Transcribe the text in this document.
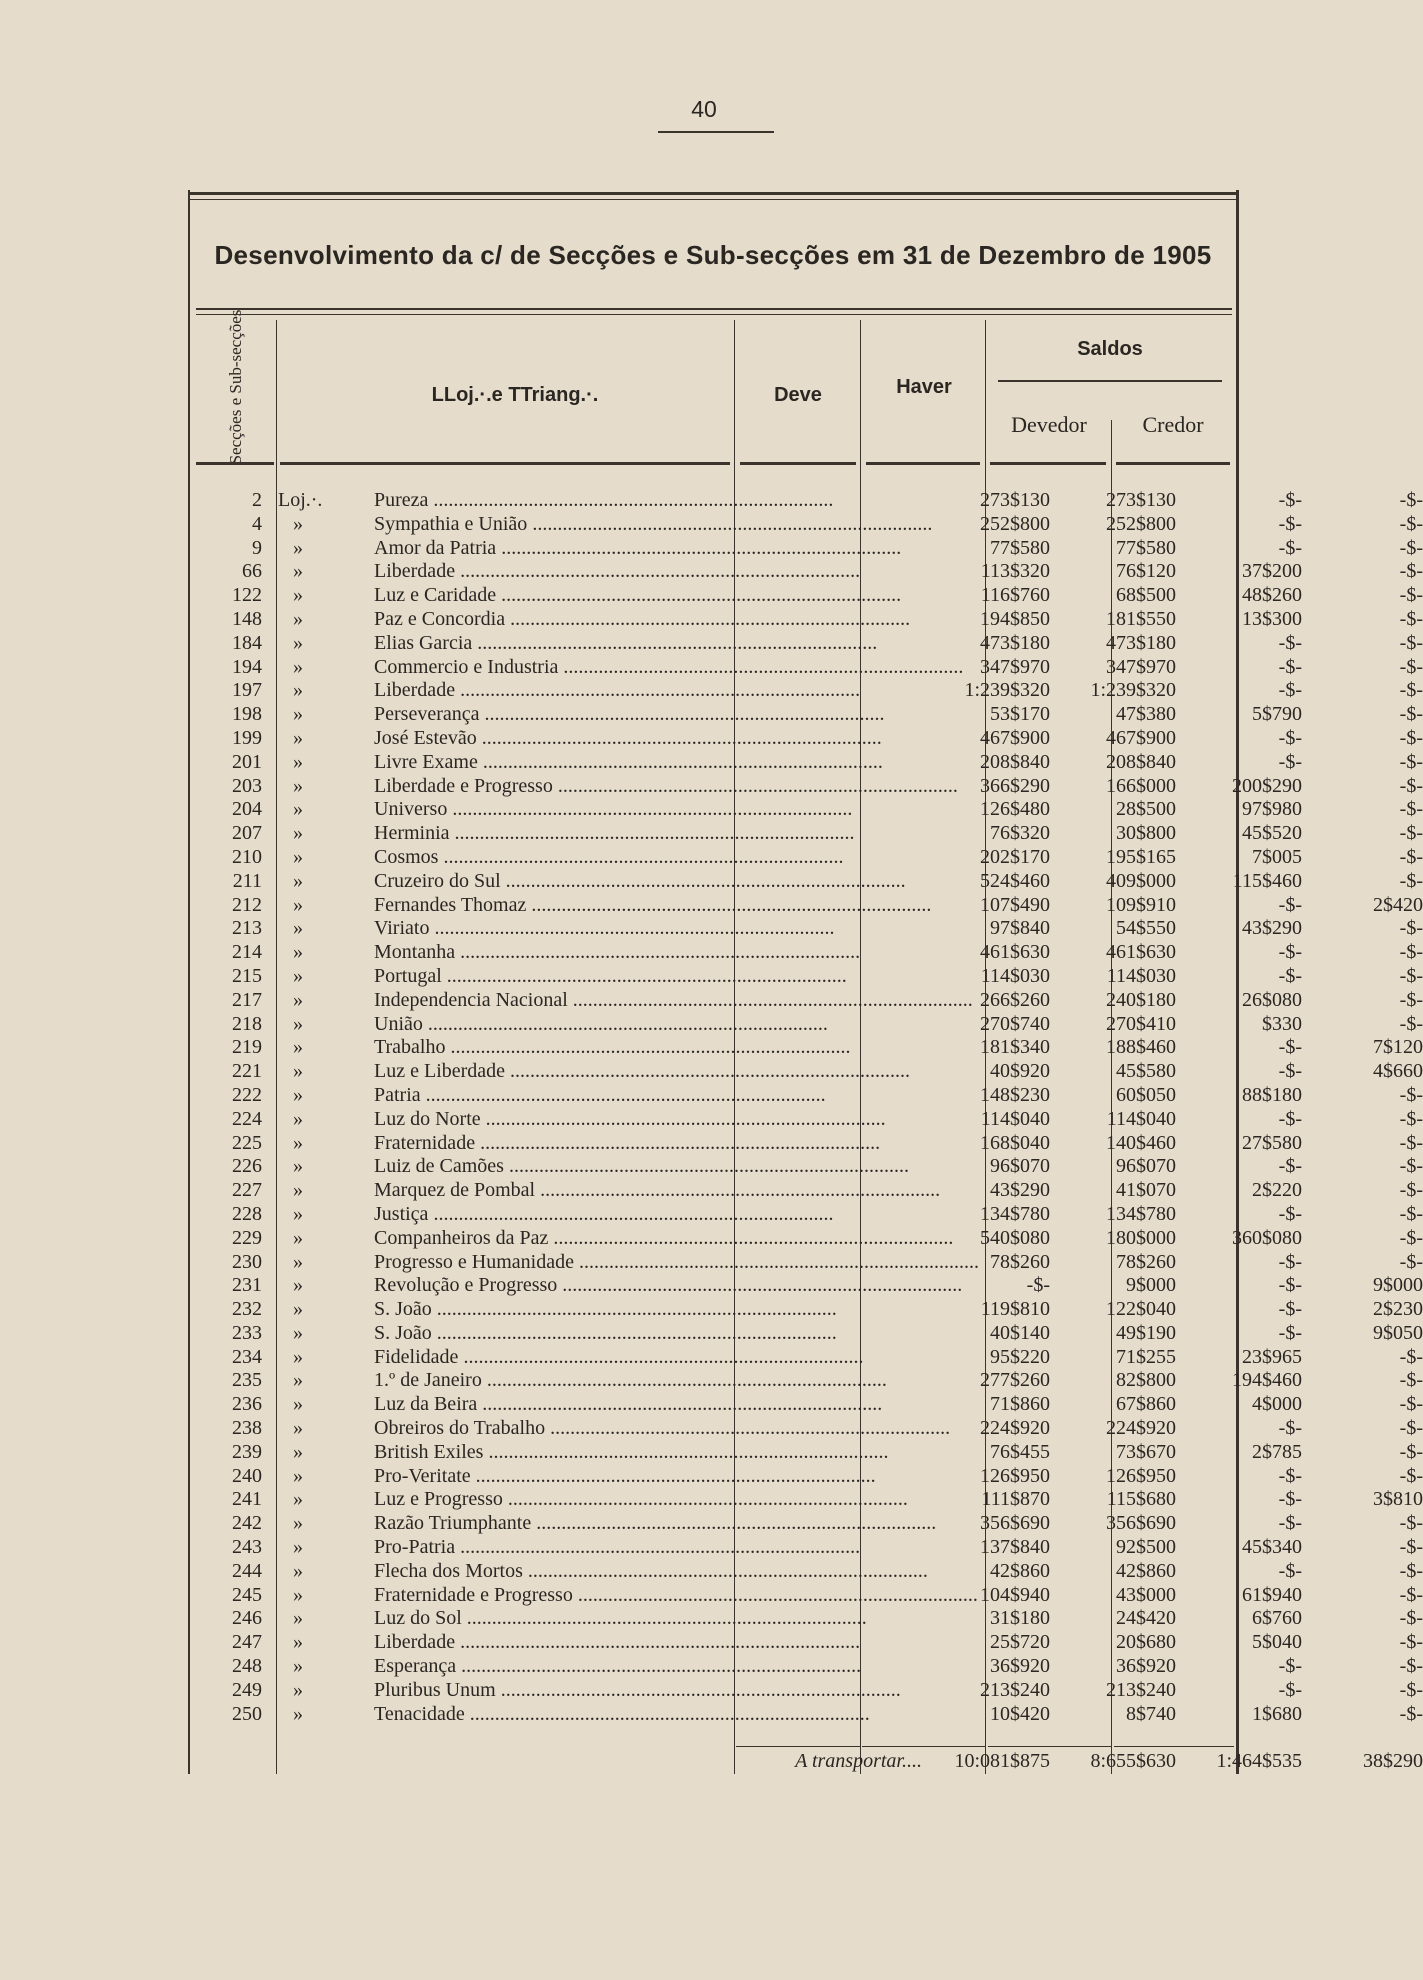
40
Desenvolvimento da c/ de Secções e Sub-secções em 31 de Dezembro de 1905
Secções e Sub-secções	LLoj.·.e TTriang.·.	Deve	Haver
Saldos
Devedor	Credor
2 Loj.·.	Pureza ................................................................................	273$130	273$130	-$-	-$-
4	»	Sympathia e União ................................................................................	252$800	252$800	-$-	-$-
9	»	Amor da Patria ................................................................................	77$580	77$580	-$-	-$-
66	»	Liberdade ................................................................................	113$320	76$120	37$200	-$-
122	»	Luz e Caridade ................................................................................	116$760	68$500	48$260	-$-
148	»	Paz e Concordia ................................................................................	194$850	181$550	13$300	-$-
184	»	Elias Garcia ................................................................................	473$180	473$180	-$-	-$-
194	»	Commercio e Industria ................................................................................ 347$970	347$970	-$-	-$-
197	»	Liberdade ................................................................................	1:239$320	1:239$320	-$-	-$-
198	»	Perseverança ................................................................................	53$170	47$380	5$790	-$-
199	»	José Estevão ................................................................................	467$900	467$900	-$-	-$-
201	»	Livre Exame ................................................................................	208$840	208$840	-$-	-$-
203	»	Liberdade e Progresso ................................................................................	366$290	166$000	200$290	-$-
204	»	Universo ................................................................................	126$480	28$500	97$980	-$-
207	»	Herminia ................................................................................	76$320	30$800	45$520	-$-
210	»	Cosmos ................................................................................	202$170	195$165	7$005	-$-
211	»	Cruzeiro do Sul ................................................................................	524$460	409$000	115$460	-$-
212	»	Fernandes Thomaz ................................................................................	107$490	109$910	-$-	2$420
213	»	Viriato ................................................................................	97$840	54$550	43$290	-$-
214	»	Montanha ................................................................................	461$630	461$630	-$-	-$-
215	»	Portugal ................................................................................	114$030	114$030	-$-	-$-
217	»	Independencia Nacional ................................................................................ 266$260	240$180	26$080	-$-
218	»	União ................................................................................	270$740	270$410	$330	-$-
219	»	Trabalho ................................................................................	181$340	188$460	-$-	7$120
221	»	Luz e Liberdade ................................................................................	40$920	45$580	-$-	4$660
222	»	Patria ................................................................................	148$230	60$050	88$180	-$-
224	»	Luz do Norte ................................................................................	114$040	114$040	-$-	-$-
225	»	Fraternidade ................................................................................	168$040	140$460	27$580	-$-
226	»	Luiz de Camões ................................................................................	96$070	96$070	-$-	-$-
227	»	Marquez de Pombal ................................................................................	43$290	41$070	2$220	-$-
228	»	Justiça ................................................................................	134$780	134$780	-$-	-$-
229	»	Companheiros da Paz ................................................................................	540$080	180$000	360$080	-$-
230	»	Progresso e Humanidade ................................................................................ 78$260	78$260	-$-	-$-
231	»	Revolução e Progresso ................................................................................	-$-	9$000	-$-	9$000
232	»	S. João ................................................................................	119$810	122$040	-$-	2$230
233	»	S. João ................................................................................	40$140	49$190	-$-	9$050
234	»	Fidelidade ................................................................................	95$220	71$255	23$965	-$-
235	»	1.º de Janeiro ................................................................................	277$260	82$800	194$460	-$-
236	»	Luz da Beira ................................................................................	71$860	67$860	4$000	-$-
238	»	Obreiros do Trabalho ................................................................................	224$920	224$920	-$-	-$-
239	»	British Exiles ................................................................................	76$455	73$670	2$785	-$-
240	»	Pro-Veritate ................................................................................	126$950	126$950	-$-	-$-
241	»	Luz e Progresso ................................................................................	111$870	115$680	-$-	3$810
242	»	Razão Triumphante ................................................................................	356$690	356$690	-$-	-$-
243	»	Pro-Patria ................................................................................	137$840	92$500	45$340	-$-
244	»	Flecha dos Mortos ................................................................................	42$860	42$860	-$-	-$-
245	»	Fraternidade e Progresso ................................................................................ 104$940	43$000	61$940	-$-
246	»	Luz do Sol ................................................................................	31$180	24$420	6$760	-$-
247	»	Liberdade ................................................................................	25$720	20$680	5$040	-$-
248	»	Esperança ................................................................................	36$920	36$920	-$-	-$-
249	»	Pluribus Unum ................................................................................	213$240	213$240	-$-	-$-
250	»	Tenacidade ................................................................................	10$420	8$740	1$680	-$-
A transportar....	10:081$875	8:655$630	1:464$535	38$290
